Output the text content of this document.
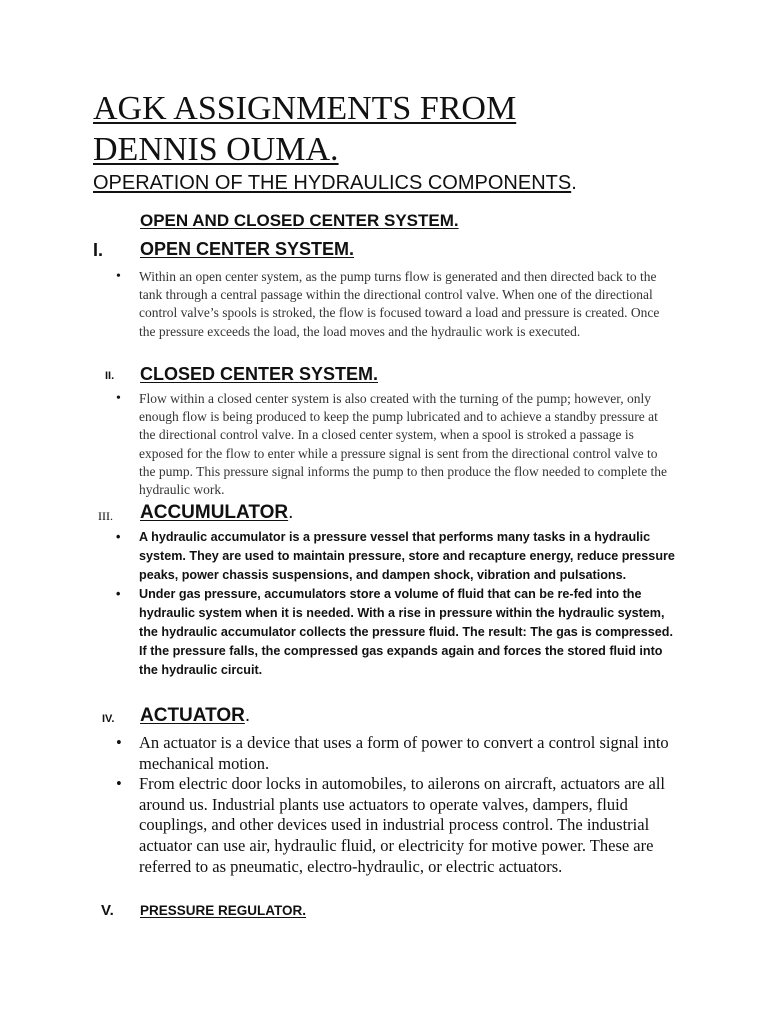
AGK ASSIGNMENTS FROM DENNIS OUMA.
OPERATION OF THE HYDRAULICS COMPONENTS.
OPEN AND CLOSED CENTER SYSTEM.
I. OPEN CENTER SYSTEM.
• Within an open center system, as the pump turns flow is generated and then directed back to the tank through a central passage within the directional control valve. When one of the directional control valve’s spools is stroked, the flow is focused toward a load and pressure is created. Once the pressure exceeds the load, the load moves and the hydraulic work is executed.
II. CLOSED CENTER SYSTEM.
• Flow within a closed center system is also created with the turning of the pump; however, only enough flow is being produced to keep the pump lubricated and to achieve a standby pressure at the directional control valve. In a closed center system, when a spool is stroked a passage is exposed for the flow to enter while a pressure signal is sent from the directional control valve to the pump. This pressure signal informs the pump to then produce the flow needed to complete the hydraulic work.
III. ACCUMULATOR.
• A hydraulic accumulator is a pressure vessel that performs many tasks in a hydraulic system. They are used to maintain pressure, store and recapture energy, reduce pressure peaks, power chassis suspensions, and dampen shock, vibration and pulsations.
• Under gas pressure, accumulators store a volume of fluid that can be re-fed into the hydraulic system when it is needed. With a rise in pressure within the hydraulic system, the hydraulic accumulator collects the pressure fluid. The result: The gas is compressed. If the pressure falls, the compressed gas expands again and forces the stored fluid into the hydraulic circuit.
IV. ACTUATOR.
• An actuator is a device that uses a form of power to convert a control signal into mechanical motion.
• From electric door locks in automobiles, to ailerons on aircraft, actuators are all around us. Industrial plants use actuators to operate valves, dampers, fluid couplings, and other devices used in industrial process control. The industrial actuator can use air, hydraulic fluid, or electricity for motive power. These are referred to as pneumatic, electro-hydraulic, or electric actuators.
V. PRESSURE REGULATOR.
